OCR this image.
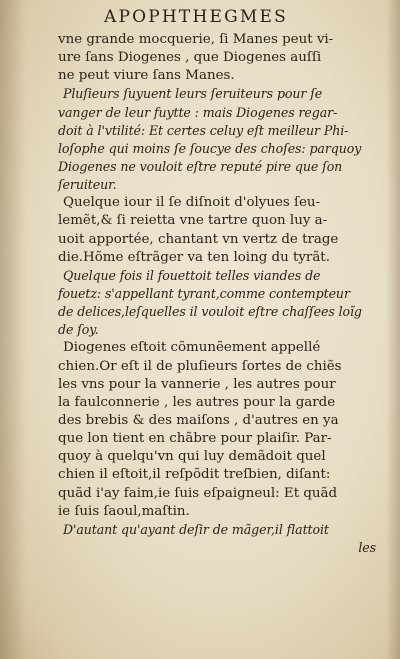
APOPHTHEGMES
vne grande mocquerie, ſi Manes peut vi-
ure ſans Diogenes , que Diogenes auſſi
ne peut viure ſans Manes.
Pluſieurs ſuyuent leurs ſeruiteurs pour ſe
vanger de leur fuytte : mais Diogenes regar-
doit à l'vtilité: Et certes celuy eſt meilleur Phi-
loſophe qui moins ſe ſoucye des choſes: parquoy
Diogenes ne vouloit eſtre reputé pire que ſon
ſeruiteur.
Quelque iour il ſe diſnoit d'olyues ſeu-
lemẽt,& ſi reietta vne tartre quon luy a-
uoit apportée, chantant vn vertz de trage
die.Hõme eſtrãger va ten loing du tyrãt.
Quelque fois il fouettoit telles viandes de
fouetz: s'appellant tyrant,comme contempteur
de delices,leſquelles il vouloit eſtre chaſſees loĩg
de ſoy.
Diogenes eſtoit cõmunẽement appellé
chien.Or eſt il de pluſieurs ſortes de chiẽs
les vns pour la vannerie , les autres pour
la faulconnerie , les autres pour la garde
des brebis & des maiſons , d'autres en ya
que lon tient en chãbre pour plaiſir. Par-
quoy à quelqu'vn qui luy demãdoit quel
chien il eſtoit,il reſpõdit treſbien, diſant:
quãd i'ay faim,ie ſuis eſpaigneul: Et quãd
ie ſuis ſaoul,maſtin.
D'autant qu'ayant deſir de mãger,il flattoit
les
